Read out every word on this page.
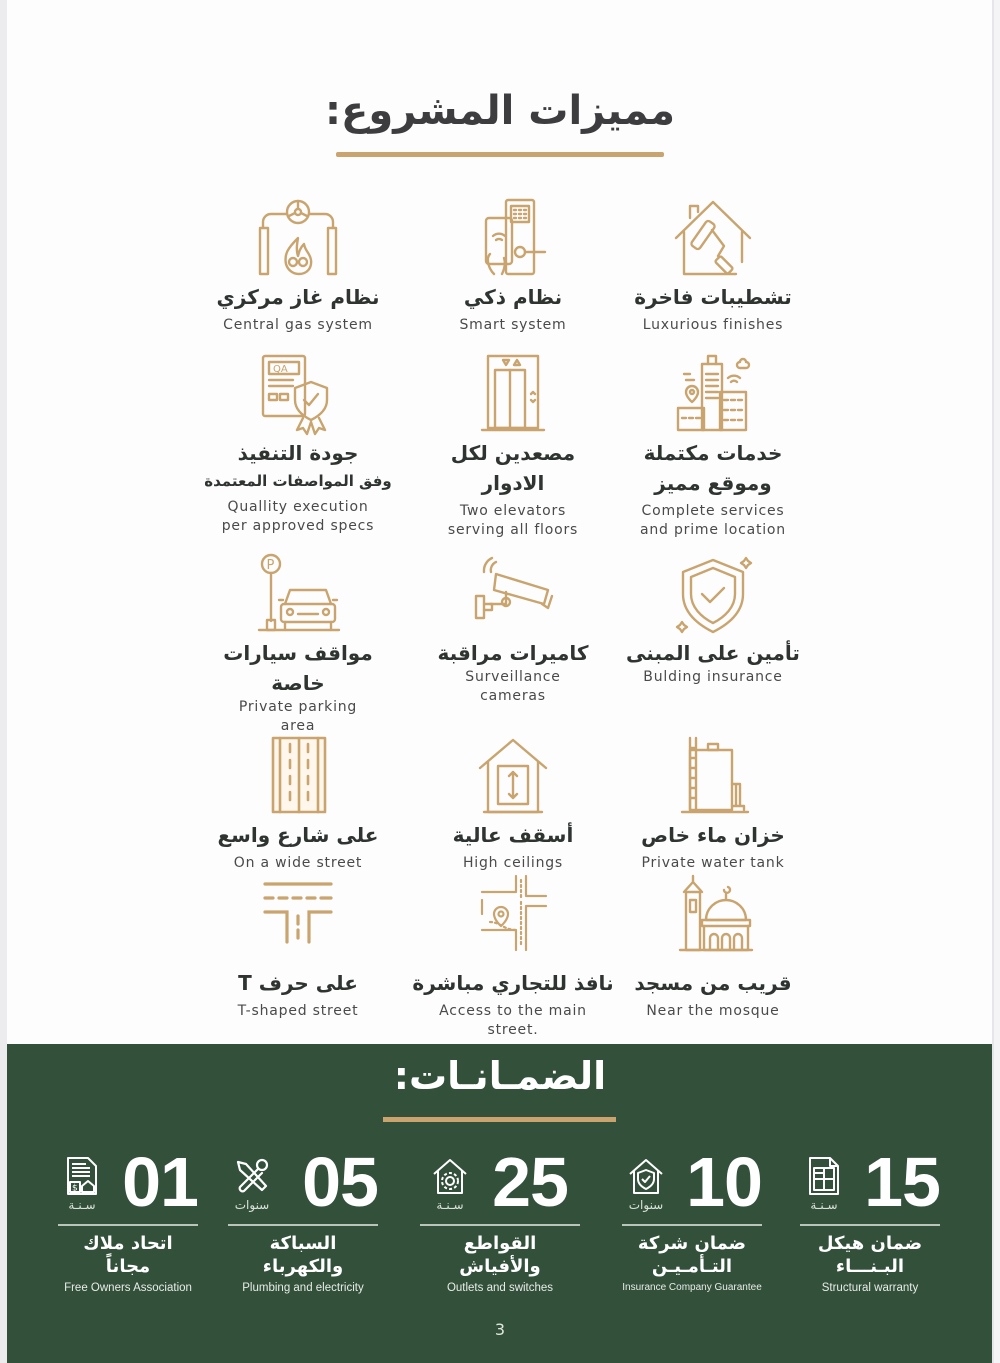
مميزات المشروع:
تشطيبات فاخرة
Luxurious finishes
نظام ذكي
Smart system
نظام غاز مركزي
Central gas system
خدمات مكتملة
وموقع مميز
Complete services
and prime location
مصعدين لكل
الادوار
Two elevators
serving all floors
جودة التنفيذ
وفق المواصفات المعتمدة
Quallity execution
per approved specs
تأمين على المبنى
Bulding insurance
كاميرات مراقبة
Surveillance
cameras
مواقف سيارات
خاصة
Private parking
area
خزان ماء خاص
Private water tank
أسقف عالية
High ceilings
على شارع واسع
On a wide street
قريب من مسجد
Near the mosque
نافذ للتجاري مباشرة
Access to the main
street.
على حرف T
T-shaped street
الضمـانـات:
سـنـة 15
ضمان هيكل
البـنـــاء
Structural warranty
سنوات 10
ضمان شركة
التـأمـيـن
Insurance Company Guarantee
سـنـة 25
القواطع والأفياش
Outlets and switches
سنوات 05
السباكة والكهرباء
Plumbing and electricity
سـنـة 01
اتحاد ملاك مجاناً
Free Owners Association
3
